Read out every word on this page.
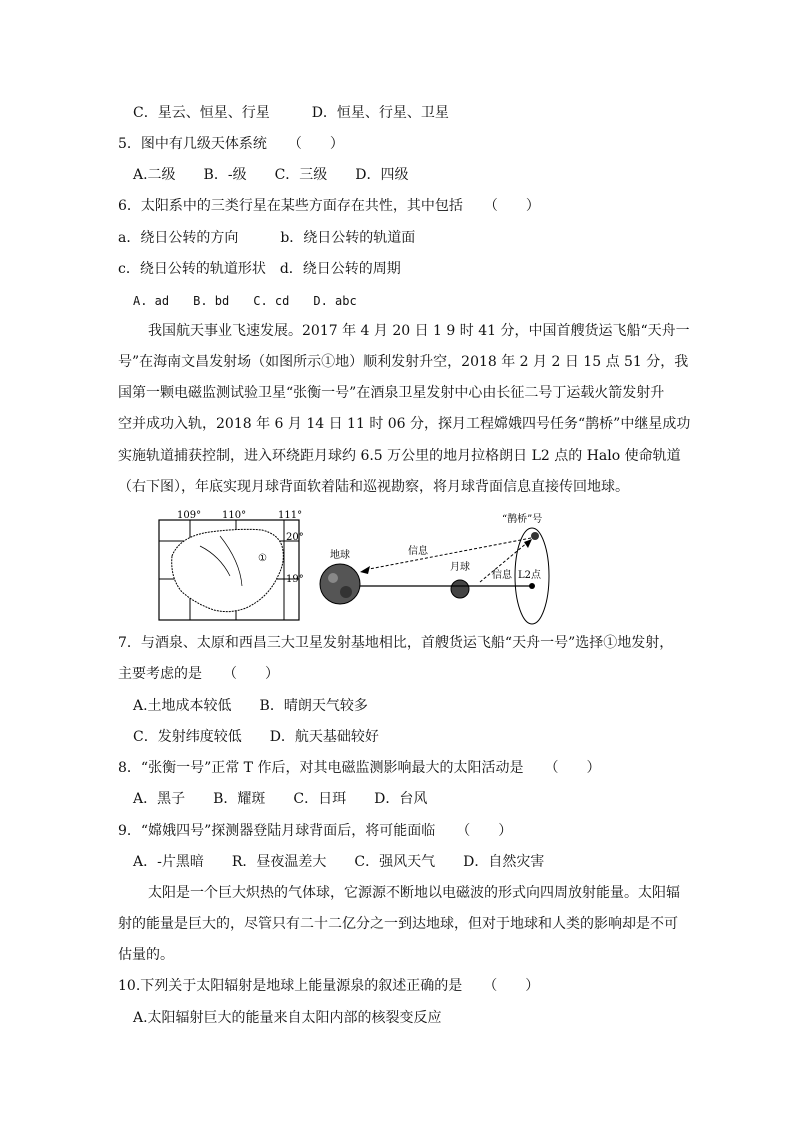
C．星云、恒星、行星　　　D．恒星、行星、卫星
5．图中有几级天体系统　　（　　）
A.二级　　B．-级　　C．三级　　D．四级
6．太阳系中的三类行星在某些方面存在共性，其中包括　　（　　）
a．绕日公转的方向　　　b．绕日公转的轨道面
c．绕日公转的轨道形状　d．绕日公转的周期
A. ad　　B. bd　　C. cd　　D. abc
我国航天事业飞速发展。2017 年 4 月 20 日 1 9 时 41 分，中国首艘货运飞船“天舟一
号”在海南文昌发射场（如图所示①地）顺利发射升空，2018 年 2 月 2 日 15 点 51 分，我
国第一颗电磁监测试验卫星“张衡一号”在酒泉卫星发射中心由长征二号丁运载火箭发射升
空并成功入轨，2018 年 6 月 14 日 11 时 06 分，探月工程嫦娥四号任务“鹊桥”中继星成功
实施轨道捕获控制，进入环绕距月球约 6.5 万公里的地月拉格朗日 L2 点的 Halo 使命轨道
（右下图），年底实现月球背面软着陆和巡视勘察，将月球背面信息直接传回地球。
109° 110°	111°
20°
19°
①	地球
月球
L2点
信息
信息
“鹊桥”号
7．与酒泉、太原和西昌三大卫星发射基地相比，首艘货运飞船“天舟一号”选择①地发射，
主要考虑的是　　（　　）
A.土地成本较低　　B．晴朗天气较多
C．发射纬度较低　　D．航天基础较好
8．“张衡一号”正常 T 作后，对其电磁监测影响最大的太阳活动是　　（　　）
A．黑子　　B．耀斑　　C．日珥　　D．台风
9．“嫦娥四号”探测器登陆月球背面后，将可能面临　　（　　）
A．-片黑暗　　R．昼夜温差大　　C．强风天气　　D．自然灾害
太阳是一个巨大炽热的气体球，它源源不断地以电磁波的形式向四周放射能量。太阳辐
射的能量是巨大的，尽管只有二十二亿分之一到达地球，但对于地球和人类的影响却是不可
估量的。
10.下列关于太阳辐射是地球上能量源泉的叙述正确的是　　（　　）
A.太阳辐射巨大的能量来自太阳内部的核裂变反应
